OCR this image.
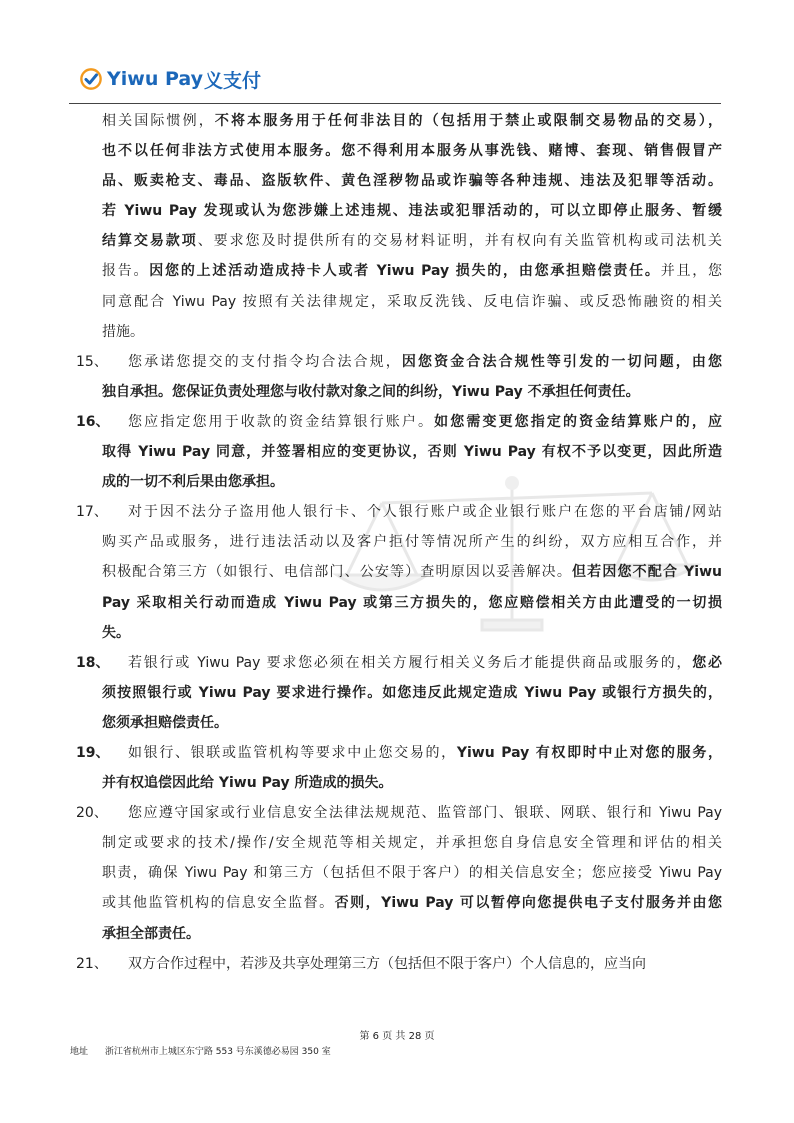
Yiwu Pay 义支付
相关国际惯例，不将本服务用于任何非法目的（包括用于禁止或限制交易物品的交易），
也不以任何非法方式使用本服务。您不得利用本服务从事洗钱、赌博、套现、销售假冒产
品、贩卖枪支、毒品、盗版软件、黄色淫秽物品或诈骗等各种违规、违法及犯罪等活动。
若 Yiwu Pay 发现或认为您涉嫌上述违规、违法或犯罪活动的，可以立即停止服务、暂缓
结算交易款项、要求您及时提供所有的交易材料证明，并有权向有关监管机构或司法机关
报告。因您的上述活动造成持卡人或者 Yiwu Pay 损失的，由您承担赔偿责任。并且，您
同意配合 Yiwu Pay 按照有关法律规定，采取反洗钱、反电信诈骗、或反恐怖融资的相关
措施。
15、 您承诺您提交的支付指令均合法合规，因您资金合法合规性等引发的一切问题，由您
独自承担。您保证负责处理您与收付款对象之间的纠纷，Yiwu Pay 不承担任何责任。
16、 您应指定您用于收款的资金结算银行账户。如您需变更您指定的资金结算账户的，应
取得 Yiwu Pay 同意，并签署相应的变更协议，否则 Yiwu Pay 有权不予以变更，因此所造
成的一切不利后果由您承担。
17、 对于因不法分子盗用他人银行卡、个人银行账户或企业银行账户在您的平台店铺/网站
购买产品或服务，进行违法活动以及客户拒付等情况所产生的纠纷，双方应相互合作，并
积极配合第三方（如银行、电信部门、公安等）查明原因以妥善解决。但若因您不配合 Yiwu
Pay 采取相关行动而造成 Yiwu Pay 或第三方损失的，您应赔偿相关方由此遭受的一切损
失。
18、 若银行或 Yiwu Pay 要求您必须在相关方履行相关义务后才能提供商品或服务的，您必
须按照银行或 Yiwu Pay 要求进行操作。如您违反此规定造成 Yiwu Pay 或银行方损失的，
您须承担赔偿责任。
19、 如银行、银联或监管机构等要求中止您交易的，Yiwu Pay 有权即时中止对您的服务，
并有权追偿因此给 Yiwu Pay 所造成的损失。
20、 您应遵守国家或行业信息安全法律法规规范、监管部门、银联、网联、银行和 Yiwu Pay
制定或要求的技术/操作/安全规范等相关规定，并承担您自身信息安全管理和评估的相关
职责，确保 Yiwu Pay 和第三方（包括但不限于客户）的相关信息安全；您应接受 Yiwu Pay
或其他监管机构的信息安全监督。否则，Yiwu Pay 可以暂停向您提供电子支付服务并由您
承担全部责任。
21、 双方合作过程中，若涉及共享处理第三方（包括但不限于客户）个人信息的，应当向
第 6 页 共 28 页
地址 浙江省杭州市上城区东宁路 553 号东溪德必易园 350 室
